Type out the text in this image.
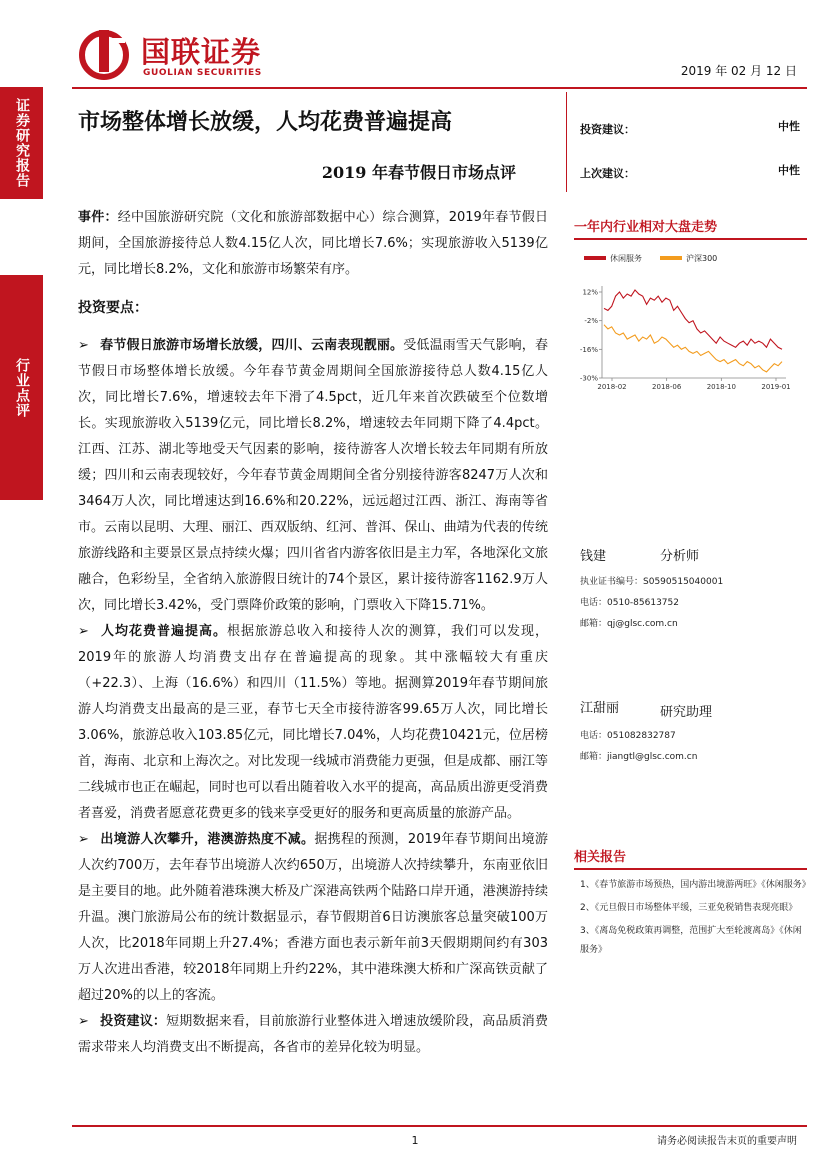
证券研究报告
行业点评
国联证券
GUOLIAN SECURITIES	2019 年 02 月 12 日
市场整体增长放缓，人均花费普遍提高
2019 年春节假日市场点评
投资建议：	中性
上次建议：	中性

事件：经中国旅游研究院（文化和旅游部数据中心）综合测算，2019年春节假日期间，全国旅游接待总人数4.15亿人次，同比增长7.6%；实现旅游收入5139亿元，同比增长8.2%，文化和旅游市场繁荣有序。

投资要点：

➢ 春节假日旅游市场增长放缓，四川、云南表现靓丽。受低温雨雪天气影响，春节假日市场整体增长放缓。今年春节黄金周期间全国旅游接待总人数4.15亿人次，同比增长7.6%，增速较去年下滑了4.5pct，近几年来首次跌破至个位数增长。实现旅游收入5139亿元，同比增长8.2%，增速较去年同期下降了4.4pct。江西、江苏、湖北等地受天气因素的影响，接待游客人次增长较去年同期有所放缓；四川和云南表现较好，今年春节黄金周期间全省分别接待游客8247万人次和3464万人次，同比增速达到16.6%和20.22%，远远超过江西、浙江、海南等省市。云南以昆明、大理、丽江、西双版纳、红河、普洱、保山、曲靖为代表的传统旅游线路和主要景区景点持续火爆；四川省省内游客依旧是主力军，各地深化文旅融合，色彩纷呈，全省纳入旅游假日统计的74个景区，累计接待游客1162.9万人次，同比增长3.42%，受门票降价政策的影响，门票收入下降15.71%。

➢ 人均花费普遍提高。根据旅游总收入和接待人次的测算，我们可以发现，2019年的旅游人均消费支出存在普遍提高的现象。其中涨幅较大有重庆（+22.3）、上海（16.6%）和四川（11.5%）等地。据测算2019年春节期间旅游人均消费支出最高的是三亚，春节七天全市接待游客99.65万人次，同比增长3.06%，旅游总收入103.85亿元，同比增长7.04%，人均花费10421元，位居榜首，海南、北京和上海次之。对比发现一线城市消费能力更强，但是成都、丽江等二线城市也正在崛起，同时也可以看出随着收入水平的提高，高品质出游更受消费者喜爱，消费者愿意花费更多的钱来享受更好的服务和更高质量的旅游产品。

➢ 出境游人次攀升，港澳游热度不减。据携程的预测，2019年春节期间出境游人次约700万，去年春节出境游人次约650万，出境游人次持续攀升，东南亚依旧是主要目的地。此外随着港珠澳大桥及广深港高铁两个陆路口岸开通，港澳游持续升温。澳门旅游局公布的统计数据显示，春节假期首6日访澳旅客总量突破100万人次，比2018年同期上升27.4%；香港方面也表示新年前3天假期期间约有303万人次进出香港，较2018年同期上升约22%，其中港珠澳大桥和广深高铁贡献了超过20%的以上的客流。

➢ 投资建议：短期数据来看，目前旅游行业整体进入增速放缓阶段，高品质消费需求带来人均消费支出不断提高，各省市的差异化较为明显。

一年内行业相对大盘走势
休闲服务	沪深300
12%
-2%
-16%
-30%
2018-02	2018-06	2018-10	2019-01
钱建	分析师
执业证书编号：S0590515040001
电话：0510-85613752
邮箱：qj@glsc.com.cn
江甜丽	研究助理
电话：051082832787
邮箱：jiangtl@glsc.com.cn
相关报告
1、《春节旅游市场预热，国内游出境游两旺》《休闲服务》
2、《元旦假日市场整体平缓，三亚免税销售表现亮眼》
3、《离岛免税政策再调整，范围扩大至轮渡离岛》《休闲服务》
1	请务必阅读报告末页的重要声明
